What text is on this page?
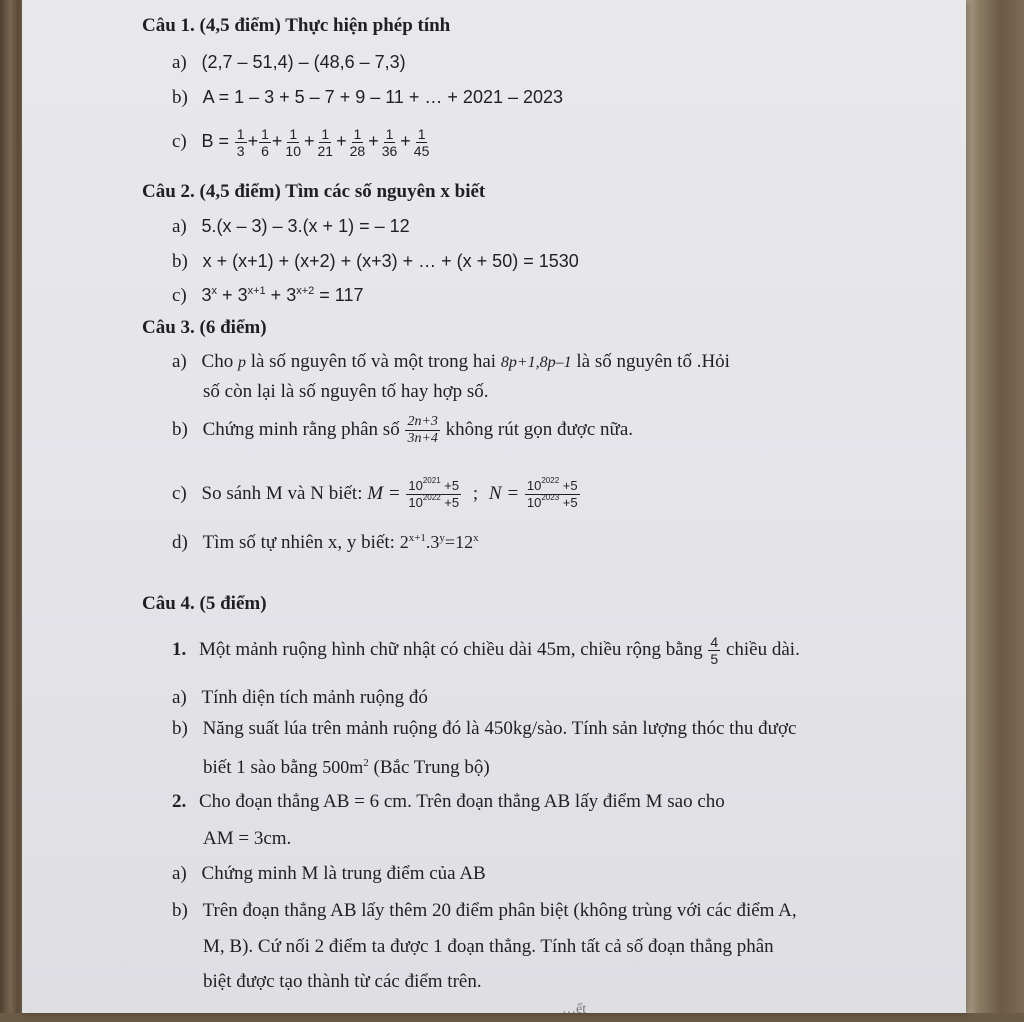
Câu 1. (4,5 điểm) Thực hiện phép tính
a) (2,7 – 51,4) – (48,6 – 7,3)
b) A = 1 – 3 + 5 – 7 + 9 – 11 + … + 2021 – 2023
c) $B = \frac{1}{3} + \frac{1}{6} + \frac{1}{10} + \frac{1}{21} + \frac{1}{28} + \frac{1}{36} + \frac{1}{45}$
Câu 2. (4,5 điểm) Tìm các số nguyên x biết
a) 5.(x – 3) – 3.(x + 1) = – 12
b) x + (x+1) + (x+2) + (x+3) + … + (x + 50) = 1530
c) $3^x + 3^{x+1} + 3^{x+2} = 117$
Câu 3. (6 điểm)
a) Cho p là số nguyên tố và một trong hai 8p+1,8p–1 là số nguyên tố .Hỏi
số còn lại là số nguyên tố hay hợp số.
b) Chứng minh rằng phân số $\frac{2n+3}{3n+4}$ không rút gọn được nữa.
c) So sánh M và N biết: $M = \frac{10^{2021} +5}{10^{2022} +5}$ ; $N = \frac{10^{2022} +5}{10^{2023} +5}$
d) Tìm số tự nhiên x, y biết: $2^{x+1}.3^y=12^x$
Câu 4. (5 điểm)
1. Một mảnh ruộng hình chữ nhật có chiều dài 45m, chiều rộng bằng $\frac{4}{5}$ chiều dài.
a) Tính diện tích mảnh ruộng đó
b) Năng suất lúa trên mảnh ruộng đó là 450kg/sào. Tính sản lượng thóc thu được
biết 1 sào bằng $500m^2$ (Bắc Trung bộ)
2. Cho đoạn thẳng AB = 6 cm. Trên đoạn thẳng AB lấy điểm M sao cho
AM = 3cm.
a) Chứng minh M là trung điểm của AB
b) Trên đoạn thẳng AB lấy thêm 20 điểm phân biệt (không trùng với các điểm A,
M, B). Cứ nối 2 điểm ta được 1 đoạn thẳng. Tính tất cả số đoạn thẳng phân
biệt được tạo thành từ các điểm trên.
…ết
